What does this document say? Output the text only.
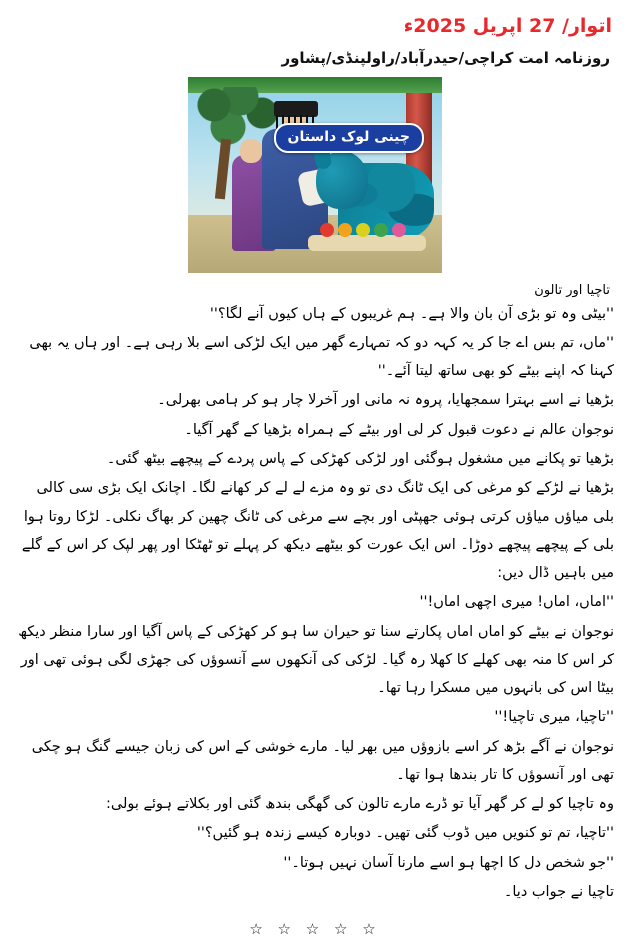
اتوار/ 27 اپریل 2025ء
روزنامہ امت کراچی/حیدرآباد/راولپنڈی/پشاور
چینی لوک داستان
تاچیا اور تالون

''بیٹی وہ تو بڑی آن بان والا ہے۔ ہم غریبوں کے ہاں کیوں آنے لگا؟''

''ماں، تم بس اے جا کر یہ کہہ دو کہ تمہارے گھر میں ایک لڑکی اسے بلا رہی ہے۔ اور ہاں یہ بھی کہنا کہ اپنے بیٹے کو بھی ساتھ لیتا آئے۔''

بڑھیا نے اسے بہترا سمجھایا، پروہ نہ مانی اور آخرلا چار ہو کر ہامی بھرلی۔

نوجوان عالم نے دعوت قبول کر لی اور بیٹے کے ہمراہ بڑھیا کے گھر آگیا۔

بڑھیا تو پکانے میں مشغول ہوگئی اور لڑکی کھڑکی کے پاس پردے کے پیچھے بیٹھ گئی۔

بڑھیا نے لڑکے کو مرغی کی ایک ٹانگ دی تو وہ مزے لے لے کر کھانے لگا۔ اچانک ایک بڑی سی کالی بلی میاؤں میاؤں کرتی ہوئی جھپٹی اور بچے سے مرغی کی ٹانگ چھین کر بھاگ نکلی۔ لڑکا روتا ہوا بلی کے پیچھے پیچھے دوڑا۔ اس ایک عورت کو بیٹھے دیکھ کر پہلے تو ٹھٹکا اور پھر لپک کر اس کے گلے میں باہیں ڈال دیں:

''اماں، اماں! میری اچھی اماں!''

نوجوان نے بیٹے کو اماں اماں پکارتے سنا تو حیران سا ہو کر کھڑکی کے پاس آگیا اور سارا منظر دیکھ کر اس کا منہ بھی کھلے کا کھلا رہ گیا۔ لڑکی کی آنکھوں سے آنسوؤں کی جھڑی لگی ہوئی تھی اور بیٹا اس کی بانہوں میں مسکرا رہا تھا۔

''تاچیا، میری تاچیا!''

نوجوان نے آگے بڑھ کر اسے بازوؤں میں بھر لیا۔ مارے خوشی کے اس کی زبان جیسے گنگ ہو چکی تھی اور آنسوؤں کا تار بندھا ہوا تھا۔

وہ تاچیا کو لے کر گھر آیا تو ڈرے مارے تالون کی گھگی بندھ گئی اور بکلاتے ہوئے بولی:

''تاچیا، تم تو کنویں میں ڈوب گئی تھیں۔ دوبارہ کیسے زندہ ہو گئیں؟''

''جو شخص دل کا اچھا ہو اسے مارنا آسان نہیں ہوتا۔''

تاچیا نے جواب دیا۔

☆ ☆ ☆ ☆ ☆
